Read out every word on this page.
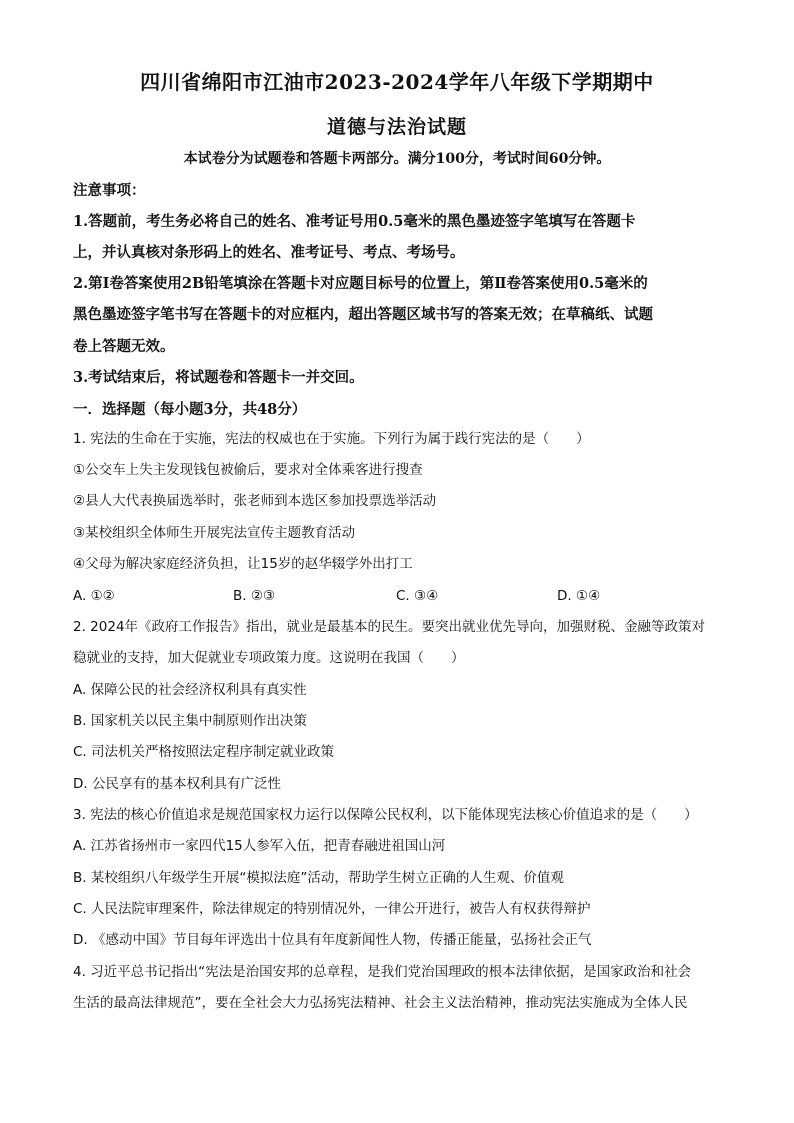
四川省绵阳市江油市2023-2024学年八年级下学期期中
道德与法治试题
本试卷分为试题卷和答题卡两部分。满分100分，考试时间60分钟。
注意事项：
1.答题前，考生务必将自己的姓名、准考证号用0.5毫米的黑色墨迹签字笔填写在答题卡
上，并认真核对条形码上的姓名、准考证号、考点、考场号。
2.第Ⅰ卷答案使用2B铅笔填涂在答题卡对应题目标号的位置上，第Ⅱ卷答案使用0.5毫米的
黑色墨迹签字笔书写在答题卡的对应框内，超出答题区域书写的答案无效；在草稿纸、试题
卷上答题无效。
3.考试结束后，将试题卷和答题卡一并交回。
一．选择题（每小题3分，共48分）
1. 宪法的生命在于实施，宪法的权威也在于实施。下列行为属于践行宪法的是（　　）
①公交车上失主发现钱包被偷后，要求对全体乘客进行搜查
②县人大代表换届选举时，张老师到本选区参加投票选举活动
③某校组织全体师生开展宪法宣传主题教育活动
④父母为解决家庭经济负担，让15岁的赵华辍学外出打工
A. ①②	B. ②③	C. ③④	D. ①④
2. 2024年《政府工作报告》指出，就业是最基本的民生。要突出就业优先导向，加强财税、金融等政策对
稳就业的支持，加大促就业专项政策力度。这说明在我国（　　）
A. 保障公民的社会经济权利具有真实性
B. 国家机关以民主集中制原则作出决策
C. 司法机关严格按照法定程序制定就业政策
D. 公民享有的基本权利具有广泛性
3. 宪法的核心价值追求是规范国家权力运行以保障公民权利，以下能体现宪法核心价值追求的是（　　）
A. 江苏省扬州市一家四代15人参军入伍，把青春融进祖国山河
B. 某校组织八年级学生开展“模拟法庭”活动，帮助学生树立正确的人生观、价值观
C. 人民法院审理案件，除法律规定的特别情况外，一律公开进行，被告人有权获得辩护
D. 《感动中国》节目每年评选出十位具有年度新闻性人物，传播正能量，弘扬社会正气
4. 习近平总书记指出“宪法是治国安邦的总章程，是我们党治国理政的根本法律依据，是国家政治和社会
生活的最高法律规范”，要在全社会大力弘扬宪法精神、社会主义法治精神，推动宪法实施成为全体人民
